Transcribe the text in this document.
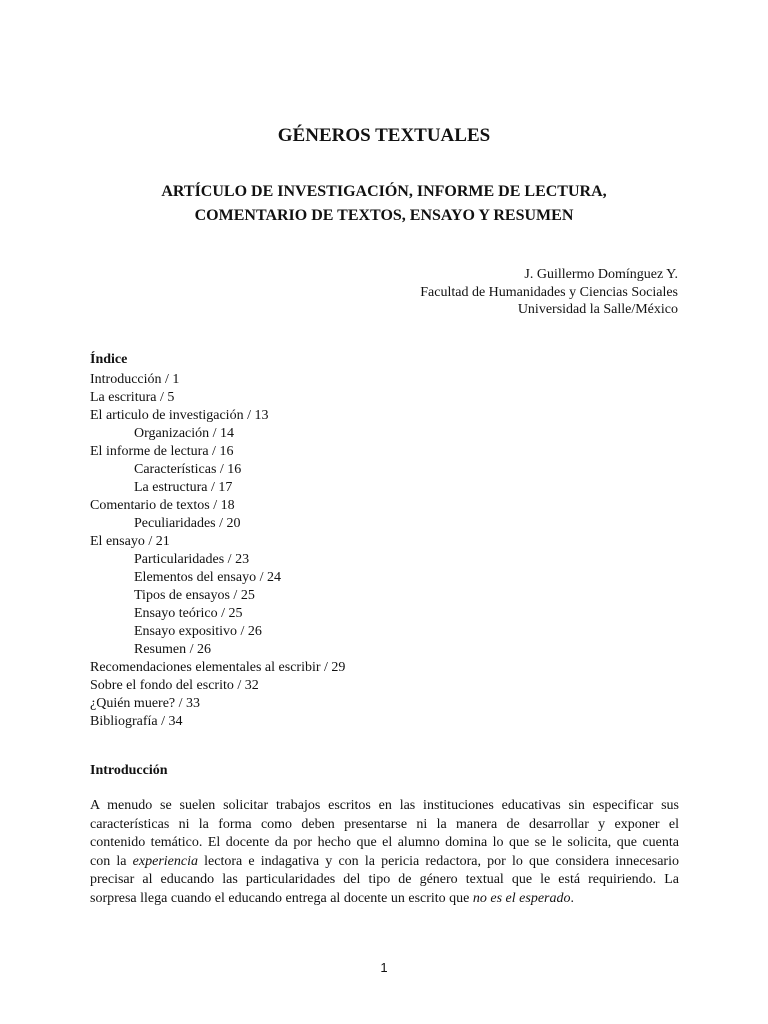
GÉNEROS TEXTUALES
ARTÍCULO DE INVESTIGACIÓN, INFORME DE LECTURA,
COMENTARIO DE TEXTOS, ENSAYO Y RESUMEN
J. Guillermo Domínguez Y.
Facultad de Humanidades y Ciencias Sociales
Universidad la Salle/México
Índice
Introducción / 1
La escritura / 5
El articulo de investigación / 13
Organización / 14
El informe de lectura / 16
Características / 16
La estructura / 17
Comentario de textos / 18
Peculiaridades / 20
El ensayo / 21
Particularidades / 23
Elementos del ensayo / 24
Tipos de ensayos / 25
Ensayo teórico / 25
Ensayo expositivo / 26
Resumen / 26
Recomendaciones elementales al escribir / 29
Sobre el fondo del escrito / 32
¿Quién muere? / 33
Bibliografía / 34
Introducción
A menudo se suelen solicitar trabajos escritos en las instituciones educativas sin especificar sus
características ni la forma como deben presentarse ni la manera de desarrollar y exponer el
contenido temático. El docente da por hecho que el alumno domina lo que se le solicita, que cuenta
con la experiencia lectora e indagativa y con la pericia redactora, por lo que considera innecesario
precisar al educando las particularidades del tipo de género textual que le está requiriendo. La
sorpresa llega cuando el educando entrega al docente un escrito que no es el esperado.
1
